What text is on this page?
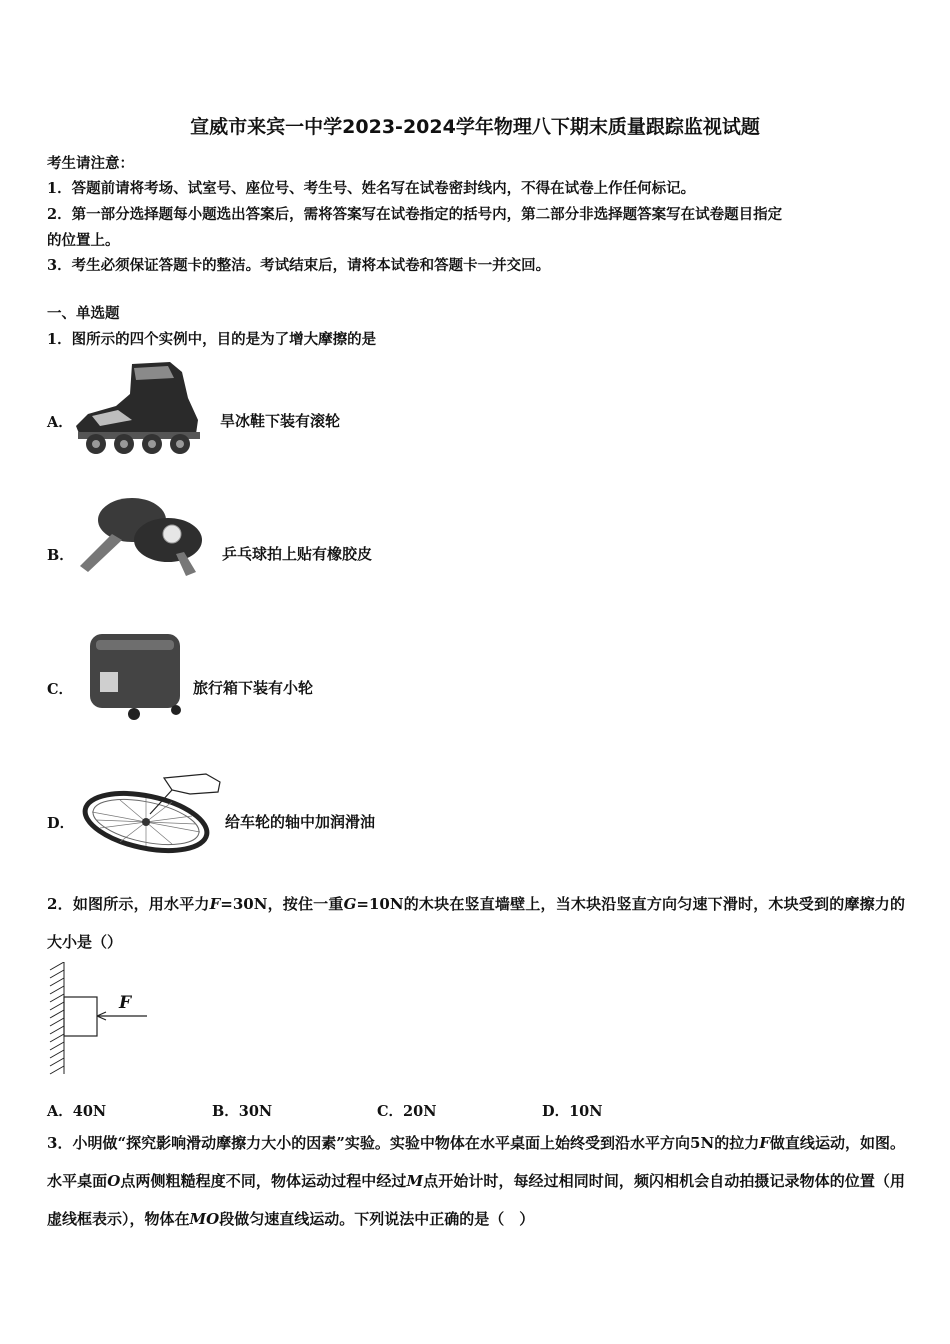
宣威市来宾一中学2023-2024学年物理八下期末质量跟踪监视试题
考生请注意：
1．答题前请将考场、试室号、座位号、考生号、姓名写在试卷密封线内，不得在试卷上作任何标记。
2．第一部分选择题每小题选出答案后，需将答案写在试卷指定的括号内，第二部分非选择题答案写在试卷题目指定
的位置上。
3．考生必须保证答题卡的整洁。考试结束后，请将本试卷和答题卡一并交回。
一、单选题
1．图所示的四个实例中，目的是为了增大摩擦的是
A．	旱冰鞋下装有滚轮
B．	乒乓球拍上贴有橡胶皮
C．	旅行箱下装有小轮
D．	给车轮的轴中加润滑油
2．如图所示，用水平力F=30N，按住一重G=10N的木块在竖直墙壁上，当木块沿竖直方向匀速下滑时，木块受到的摩擦力的大小是（）
F
A．40N	B．30N	C．20N	D．10N
3．小明做“探究影响滑动摩擦力大小的因素”实验。实验中物体在水平桌面上始终受到沿水平方向5N的拉力F做直线运动，如图。水平桌面O点两侧粗糙程度不同，物体运动过程中经过M点开始计时，每经过相同时间，频闪相机会自动拍摄记录物体的位置（用虚线框表示），物体在MO段做匀速直线运动。下列说法中正确的是（　）
